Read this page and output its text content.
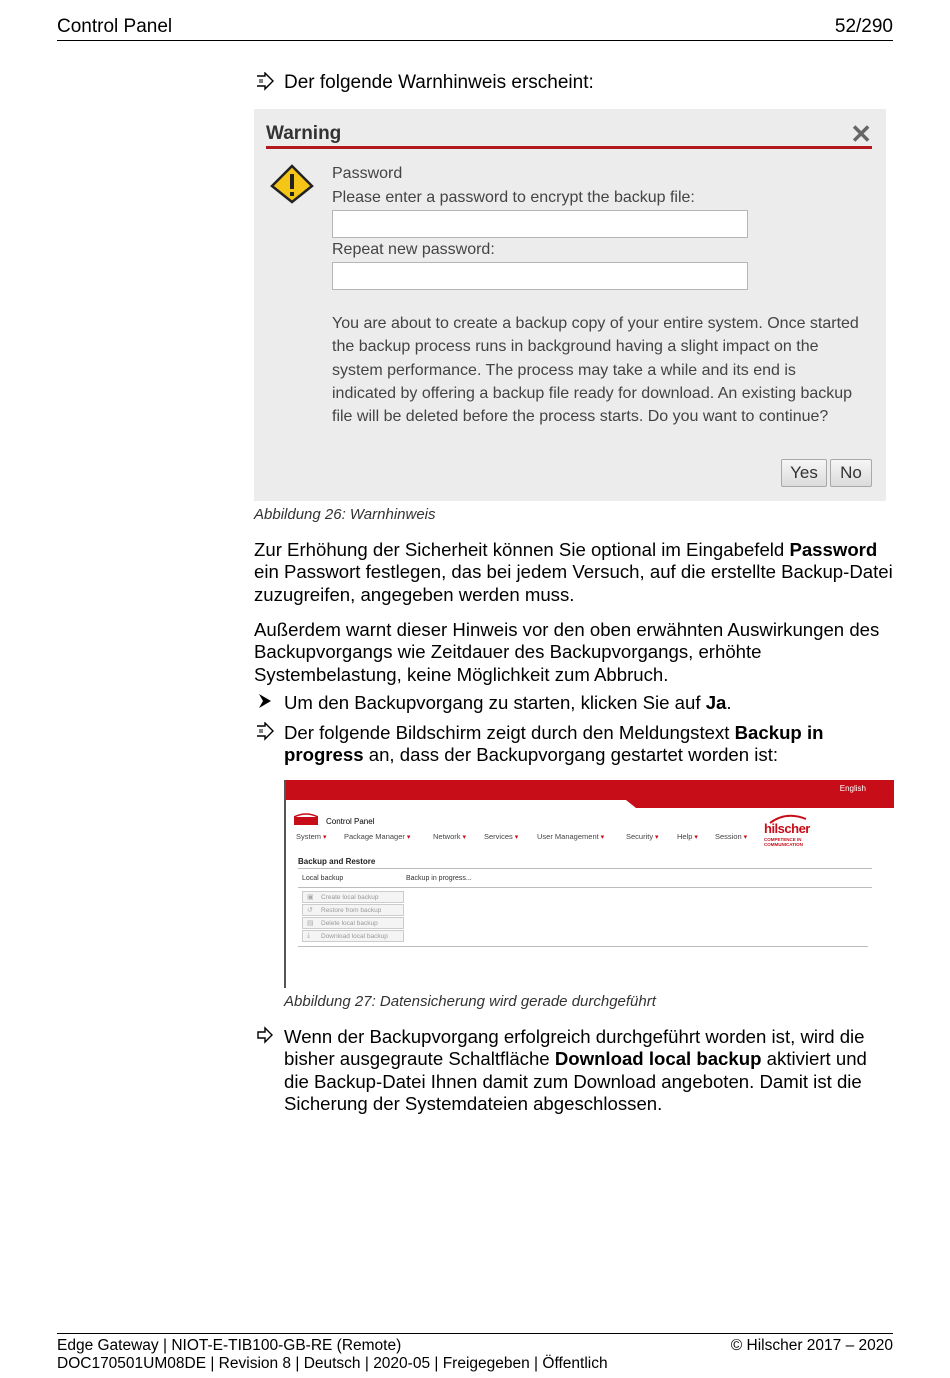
Control Panel	52/290
Der folgende Warnhinweis erscheint:
Warning	✕
Password
Please enter a password to encrypt the backup file:
Repeat new password:
You are about to create a backup copy of your entire system. Once started the backup process runs in background having a slight impact on the system performance. The process may take a while and its end is indicated by offering a backup file ready for download. An existing backup file will be deleted before the process starts. Do you want to continue?
Yes	No
Abbildung 26: Warnhinweis
Zur Erhöhung der Sicherheit können Sie optional im Eingabefeld Password ein Passwort festlegen, das bei jedem Versuch, auf die erstellte Backup-Datei zuzugreifen, angegeben werden muss.
Außerdem warnt dieser Hinweis vor den oben erwähnten Auswirkungen des Backupvorgangs wie Zeitdauer des Backupvorgangs, erhöhte Systembelastung, keine Möglichkeit zum Abbruch.
Um den Backupvorgang zu starten, klicken Sie auf Ja.
Der folgende Bildschirm zeigt durch den Meldungstext Backup in progress an, dass der Backupvorgang gestartet worden ist:
English
Control Panel
System ▾	Package Manager ▾	Network ▾	Services ▾	User Management ▾	Security ▾	Help ▾	Session ▾
hilscher
COMPETENCE IN
COMMUNICATION
Backup and Restore
Local backup	Backup in progress...
▣ Create local backup
↺ Restore from backup
▤ Delete local backup
⤓ Download local backup
Abbildung 27: Datensicherung wird gerade durchgeführt
Wenn der Backupvorgang erfolgreich durchgeführt worden ist, wird die bisher ausgegraute Schaltfläche Download local backup aktiviert und die Backup-Datei Ihnen damit zum Download angeboten. Damit ist die Sicherung der Systemdateien abgeschlossen.
Edge Gateway | NIOT-E-TIB100-GB-RE (Remote)
DOC170501UM08DE | Revision 8 | Deutsch | 2020-05 | Freigegeben | Öffentlich
© Hilscher 2017 – 2020
